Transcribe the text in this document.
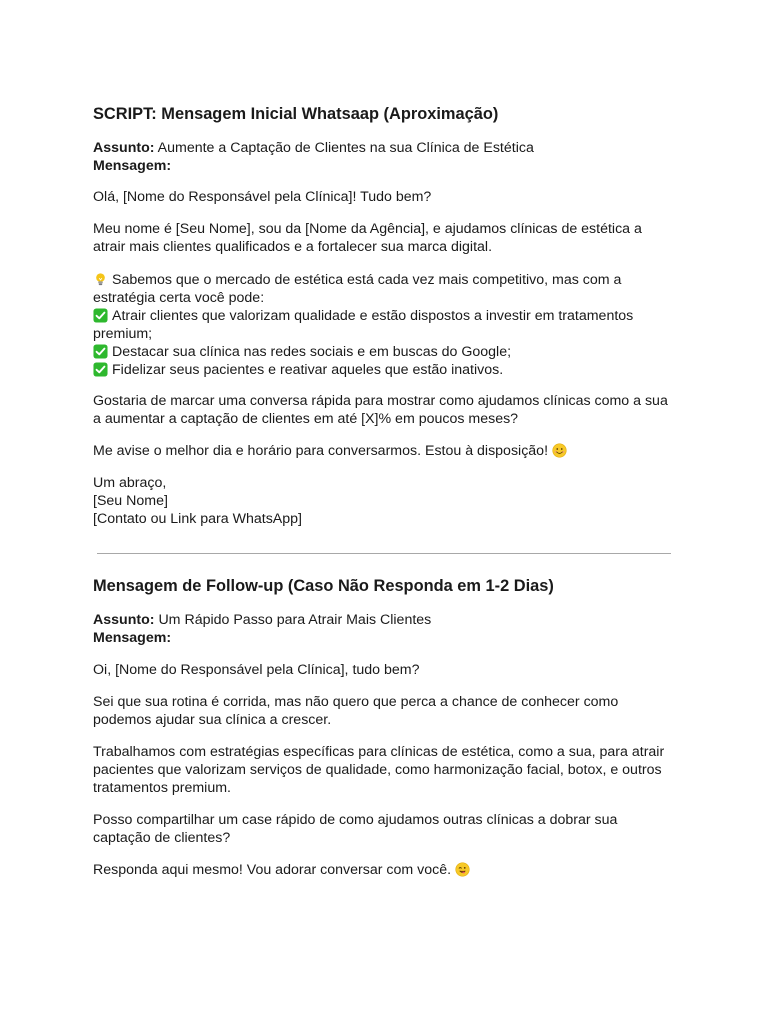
SCRIPT: Mensagem Inicial Whatsaap (Aproximação)
Assunto: Aumente a Captação de Clientes na sua Clínica de Estética
Mensagem:
Olá, [Nome do Responsável pela Clínica]! Tudo bem?
Meu nome é [Seu Nome], sou da [Nome da Agência], e ajudamos clínicas de estética a
atrair mais clientes qualificados e a fortalecer sua marca digital.
Sabemos que o mercado de estética está cada vez mais competitivo, mas com a
estratégia certa você pode:
Atrair clientes que valorizam qualidade e estão dispostos a investir em tratamentos
premium;
Destacar sua clínica nas redes sociais e em buscas do Google;
Fidelizar seus pacientes e reativar aqueles que estão inativos.
Gostaria de marcar uma conversa rápida para mostrar como ajudamos clínicas como a sua
a aumentar a captação de clientes em até [X]% em poucos meses?
Me avise o melhor dia e horário para conversarmos. Estou à disposição!
Um abraço,
[Seu Nome]
[Contato ou Link para WhatsApp]
Mensagem de Follow-up (Caso Não Responda em 1-2 Dias)
Assunto: Um Rápido Passo para Atrair Mais Clientes
Mensagem:
Oi, [Nome do Responsável pela Clínica], tudo bem?
Sei que sua rotina é corrida, mas não quero que perca a chance de conhecer como
podemos ajudar sua clínica a crescer.
Trabalhamos com estratégias específicas para clínicas de estética, como a sua, para atrair
pacientes que valorizam serviços de qualidade, como harmonização facial, botox, e outros
tratamentos premium.
Posso compartilhar um case rápido de como ajudamos outras clínicas a dobrar sua
captação de clientes?
Responda aqui mesmo! Vou adorar conversar com você.
